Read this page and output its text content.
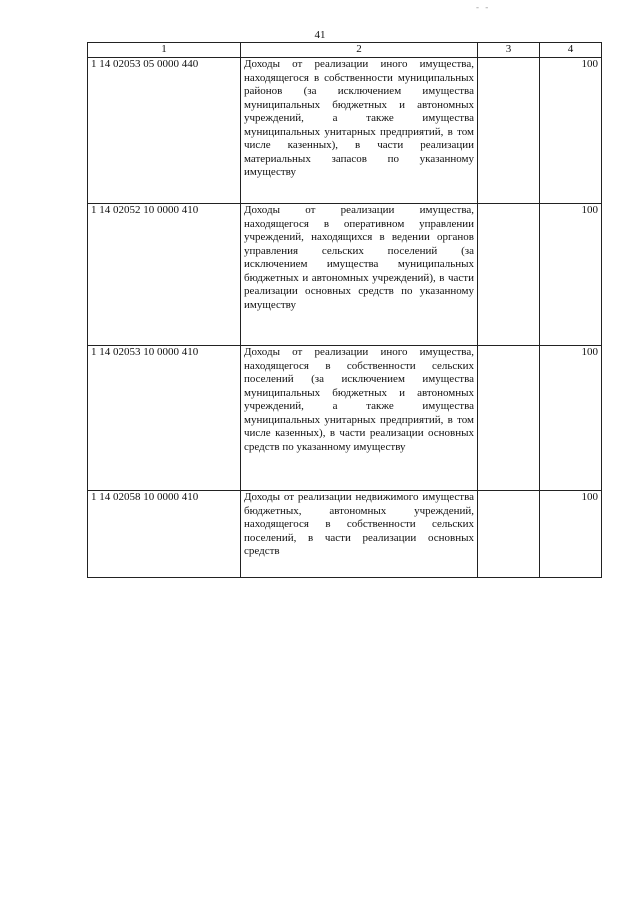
- -
41
1	2	3	4
1 14 02053 05 0000 440	Доходы от реализации иного имущества, находящегося в собственности муниципальных районов (за исключением имущества муниципальных бюджетных и автономных учреждений, а также имущества муниципальных унитарных предприятий, в том числе казенных), в части реализации материальных запасов по указанному имуществу		100
1 14 02052 10 0000 410	Доходы от реализации имущества, находящегося в оперативном управлении учреждений, находящихся в ведении органов управления сельских поселений (за исключением имущества муниципальных бюджетных и автономных учреждений), в части реализации основных средств по указанному имуществу		100
1 14 02053 10 0000 410	Доходы от реализации иного имущества, находящегося в собственности сельских поселений (за исключением имущества муниципальных бюджетных и автономных учреждений, а также имущества муниципальных унитарных предприятий, в том числе казенных), в части реализации основных средств по указанному имуществу		100
1 14 02058 10 0000 410	Доходы от реализации недвижимого имущества бюджетных, автономных учреждений, находящегося в собственности сельских поселений, в части реализации основных средств		100
